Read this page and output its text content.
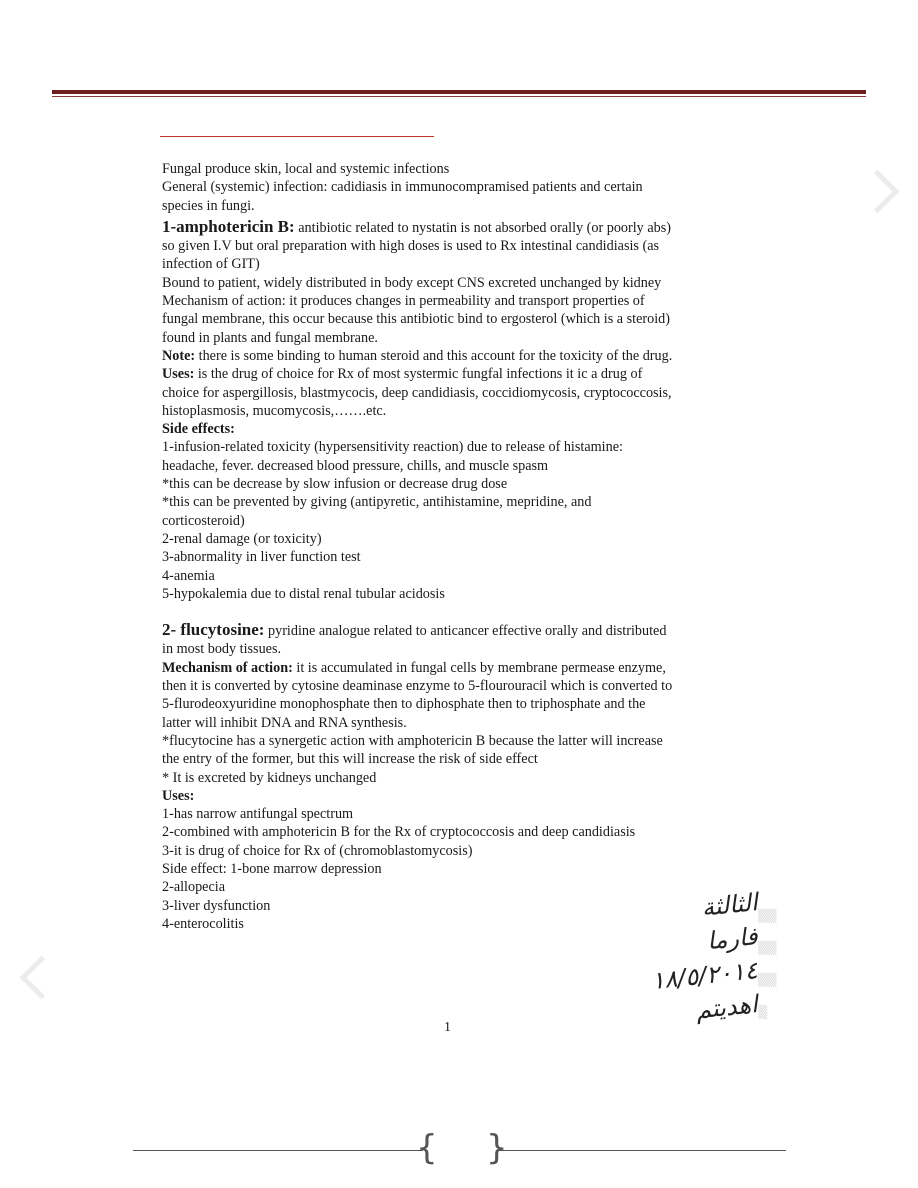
Fungal produce skin, local and systemic infections

General (systemic) infection: cadidiasis in immunocompramised patients and certain

species in fungi.

1-amphotericin B: antibiotic related to nystatin is not absorbed orally (or poorly abs)

so given I.V but oral preparation with high doses is used to Rx intestinal candidiasis (as

infection of GIT)

Bound to patient, widely distributed in body except CNS excreted unchanged by kidney

Mechanism of action: it produces changes in permeability and transport properties of

fungal membrane, this occur because this antibiotic bind to ergosterol (which is a steroid)

found in plants and fungal membrane.

Note: there is some binding to human steroid and this account for the toxicity of the drug.

Uses: is the drug of choice for Rx of most systermic fungfal infections it ic a drug of

choice for aspergillosis, blastmycocis, deep candidiasis, coccidiomycosis, cryptococcosis,

histoplasmosis, mucomycosis,…….etc.

Side effects:

1-infusion-related toxicity (hypersensitivity reaction) due to release of histamine:

headache, fever. decreased blood pressure, chills, and muscle spasm

*this can be decrease by slow infusion or decrease drug dose

*this can be prevented by giving (antipyretic, antihistamine, mepridine, and

corticosteroid)

2-renal damage (or toxicity)

3-abnormality in liver function test

4-anemia

5-hypokalemia due to distal renal tubular acidosis

2- flucytosine: pyridine analogue related to anticancer effective orally and distributed

in most body tissues.

Mechanism of action: it is accumulated in fungal cells by membrane permease enzyme,

then it is converted by cytosine deaminase enzyme to 5-flourouracil which is converted to

5-flurodeoxyuridine monophosphate then to diphosphate then to triphosphate and the

latter will inhibit DNA and RNA synthesis.

*flucytocine has a synergetic action with amphotericin B because the latter will increase

the entry of the former, but this will increase the risk of side effect

* It is excreted by kidneys unchanged

Uses:

1-has narrow antifungal spectrum

2-combined with amphotericin B for the Rx of cryptococcosis and deep candidiasis

3-it is drug of choice for Rx of (chromoblastomycosis)

Side effect: 1-bone marrow depression

2-allopecia

3-liver dysfunction

4-enterocolitis

الثالثة
فارما
١٨/٥/٢٠١٤
اهديتم
▒▒
▒▒
▒▒
▒
1
{ }
